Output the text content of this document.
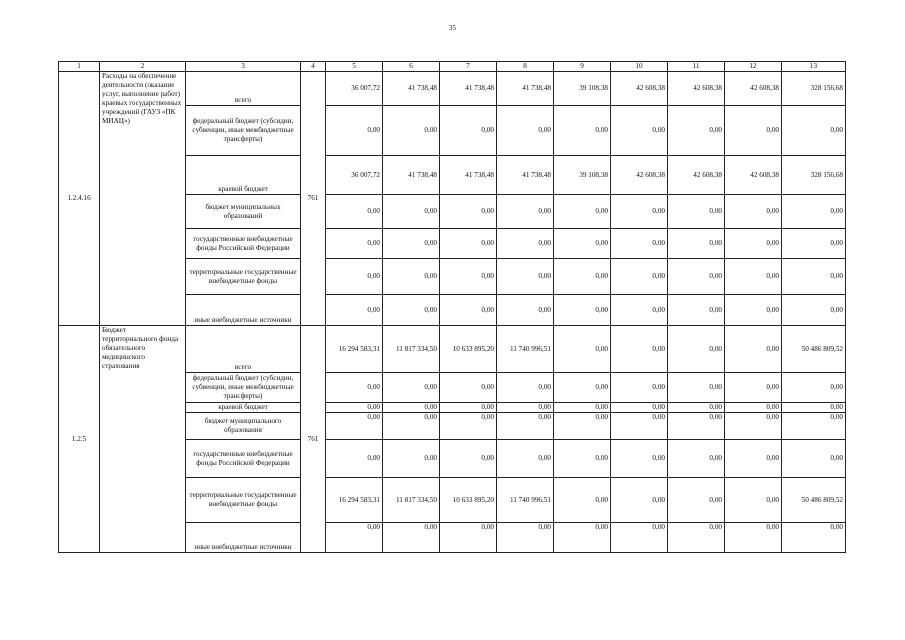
35
1	2	3	4	5	6	7	8	9	10	11	12	13
1.2.4.16	Расходы на обеспечение деятельности (оказание услуг, выполнение работ) краевых государственных учреждений (ГАУЗ «ПК МИАЦ»)	всего	761	36 007,72	41 738,48	41 738,48	41 738,48	39 108,38	42 608,38	42 608,38	42 608,38	328 156,68
		федеральный бюджет (субсидии, субвенции, иные межбюджетные трансферты)		0,00	0,00	0,00	0,00	0,00	0,00	0,00	0,00	0,00
		краевой бюджет		36 007,72	41 738,48	41 738,48	41 738,48	39 108,38	42 608,38	42 608,38	42 608,38	328 156,68
		бюджет муниципальных образований		0,00	0,00	0,00	0,00	0,00	0,00	0,00	0,00	0,00
		государственные внебюджетные фонды Российской Федерации		0,00	0,00	0,00	0,00	0,00	0,00	0,00	0,00	0,00
		территориальные государственные внебюджетные фонды		0,00	0,00	0,00	0,00	0,00	0,00	0,00	0,00	0,00
		иные внебюджетные источники		0,00	0,00	0,00	0,00	0,00	0,00	0,00	0,00	0,00
1.2.5	Бюджет территориального фонда обязательного медицинского страхования	всего	761	16 294 583,31	11 817 334,50	10 633 895,20	11 740 996,51	0,00	0,00	0,00	0,00	50 486 809,52
		федеральный бюджет (субсидии, субвенции, иные межбюджетные трансферты)		0,00	0,00	0,00	0,00	0,00	0,00	0,00	0,00	0,00
		краевой бюджет		0,00	0,00	0,00	0,00	0,00	0,00	0,00	0,00	0,00
		бюджет муниципального образования		0,00	0,00	0,00	0,00	0,00	0,00	0,00	0,00	0,00
		государственные внебюджетные фонды Российской Федерации		0,00	0,00	0,00	0,00	0,00	0,00	0,00	0,00	0,00
		территориальные государственные внебюджетные фонды		16 294 583,31	11 817 334,50	10 633 895,20	11 740 996,51	0,00	0,00	0,00	0,00	50 486 809,52
		иные внебюджетные источники		0,00	0,00	0,00	0,00	0,00	0,00	0,00	0,00	0,00
